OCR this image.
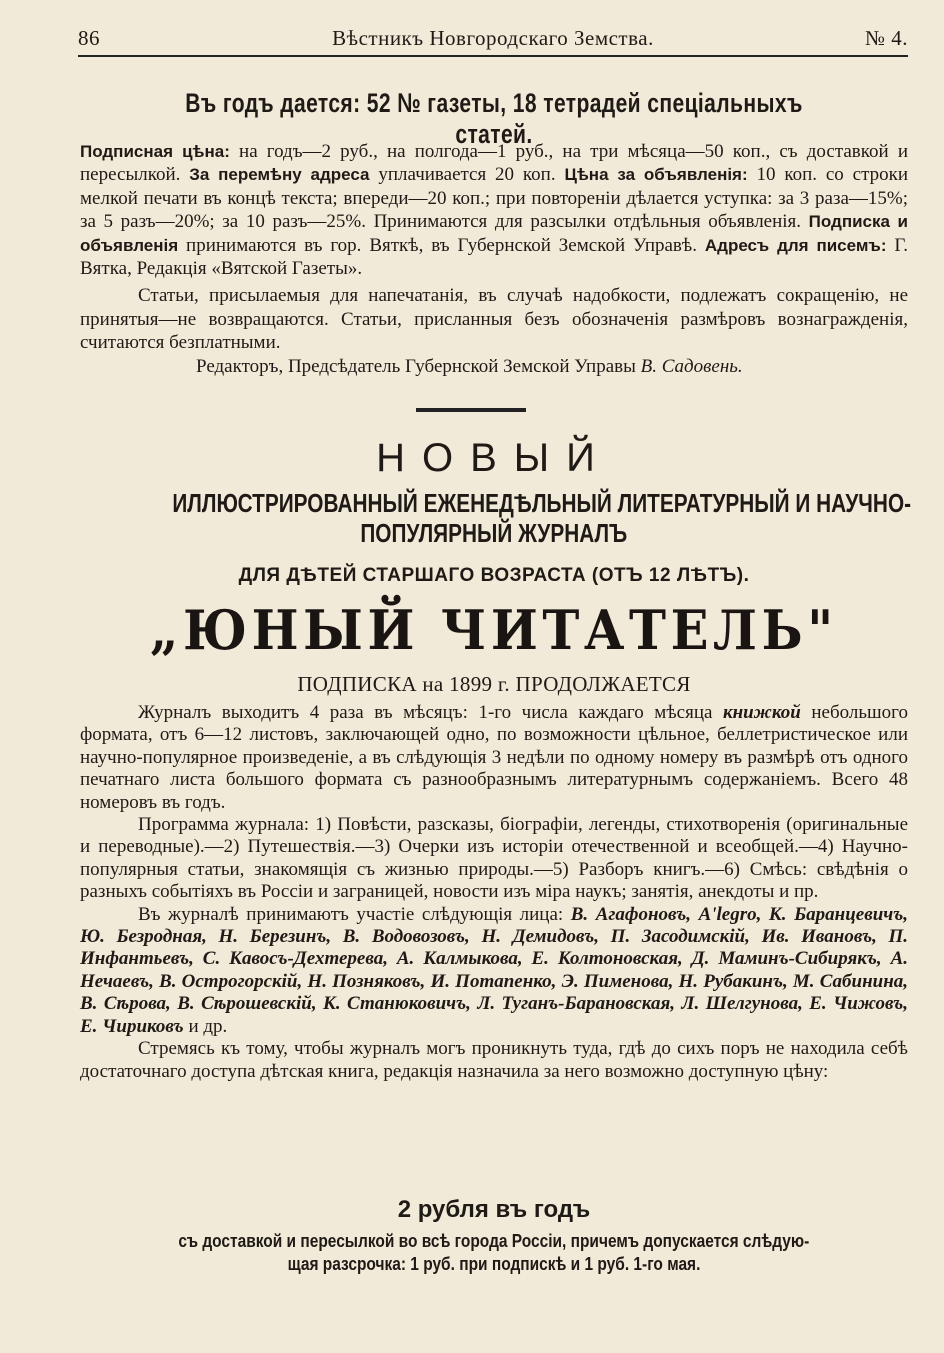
86	Вѣстникъ Новгородскаго Земства.	№ 4.
Въ годъ дается: 52 № газеты, 18 тетрадей спеціальныхъ статей.

Подписная цѣна: на годъ—2 руб., на полгода—1 руб., на три мѣсяца—50 коп., съ доставкой и пересылкой. За перемѣну адреса уплачивается 20 коп. Цѣна за объявленія: 10 коп. со строки мелкой печати въ концѣ текста; впереди—20 коп.; при повтореніи дѣлается уступка: за 3 раза—15%; за 5 разъ—20%; за 10 разъ—25%. Принимаются для разсылки отдѣльныя объявленія. Подписка и объявленія принимаются въ гор. Вяткѣ, въ Губернской Земской Управѣ. Адресъ для писемъ: Г. Вятка, Редакція «Вятской Газеты».

Статьи, присылаемыя для напечатанія, въ случаѣ надобкости, подлежатъ сокращенію, не принятыя—не возвращаются. Статьи, присланныя безъ обозначенія размѣровъ вознагражденія, считаются безплатными.

Редакторъ, Предсѣдатель Губернской Земской Управы В. Садовень.

НОВЫЙ
ИЛЛЮСТРИРОВАННЫЙ ЕЖЕНЕДѢЛЬНЫЙ ЛИТЕРАТУРНЫЙ И НАУЧНО-
ПОПУЛЯРНЫЙ ЖУРНАЛЪ
ДЛЯ ДѢТЕЙ СТАРШАГО ВОЗРАСТА (ОТЪ 12 ЛѢТЪ).
„ЮНЫЙ ЧИТАТЕЛЬ"
ПОДПИСКА на 1899 г. ПРОДОЛЖАЕТСЯ

Журналъ выходитъ 4 раза въ мѣсяцъ: 1-го числа каждаго мѣсяца книжкой небольшого формата, отъ 6—12 листовъ, заключающей одно, по возможности цѣльное, беллетристическое или научно-популярное произведеніе, а въ слѣдующія 3 недѣли по одному номеру въ размѣрѣ отъ одного печатнаго листа большого формата съ разнообразнымъ литературнымъ содержаніемъ. Всего 48 номеровъ въ годъ.

Программа журнала: 1) Повѣсти, разсказы, біографіи, легенды, стихотворенія (оригинальные и переводные).—2) Путешествія.—3) Очерки изъ исторіи отечественной и всеобщей.—4) Научно-популярныя статьи, знакомящія съ жизнью природы.—5) Разборъ книгъ.—6) Смѣсь: свѣдѣнія о разныхъ событіяхъ въ Россіи и заграницей, новости изъ міра наукъ; занятія, анекдоты и пр.

Въ журналѣ принимаютъ участіе слѣдующія лица: В. Агафоновъ, A'legro, К. Баранцевичъ, Ю. Безродная, Н. Березинъ, В. Водовозовъ, Н. Демидовъ, П. Засодимскій, Ив. Ивановъ, П. Инфантьевъ, С. Кавосъ-Дехтерева, А. Калмыкова, Е. Колтоновская, Д. Маминъ-Сибирякъ, А. Нечаевъ, В. Острогорскій, Н. Позняковъ, И. Потапенко, Э. Пименова, Н. Рубакинъ, М. Сабинина, В. Сѣрова, В. Сѣрошевскій, К. Станюковичъ, Л. Туганъ-Барановская, Л. Шелгунова, Е. Чижовъ, Е. Чириковъ и др.

Стремясь къ тому, чтобы журналъ могъ проникнуть туда, гдѣ до сихъ поръ не находила себѣ достаточнаго доступа дѣтская книга, редакція назначила за него возможно доступную цѣну:

2 рубля въ годъ
съ доставкой и пересылкой во всѣ города Россіи, причемъ допускается слѣдую-
щая разсрочка: 1 руб. при подпискѣ и 1 руб. 1-го мая.
